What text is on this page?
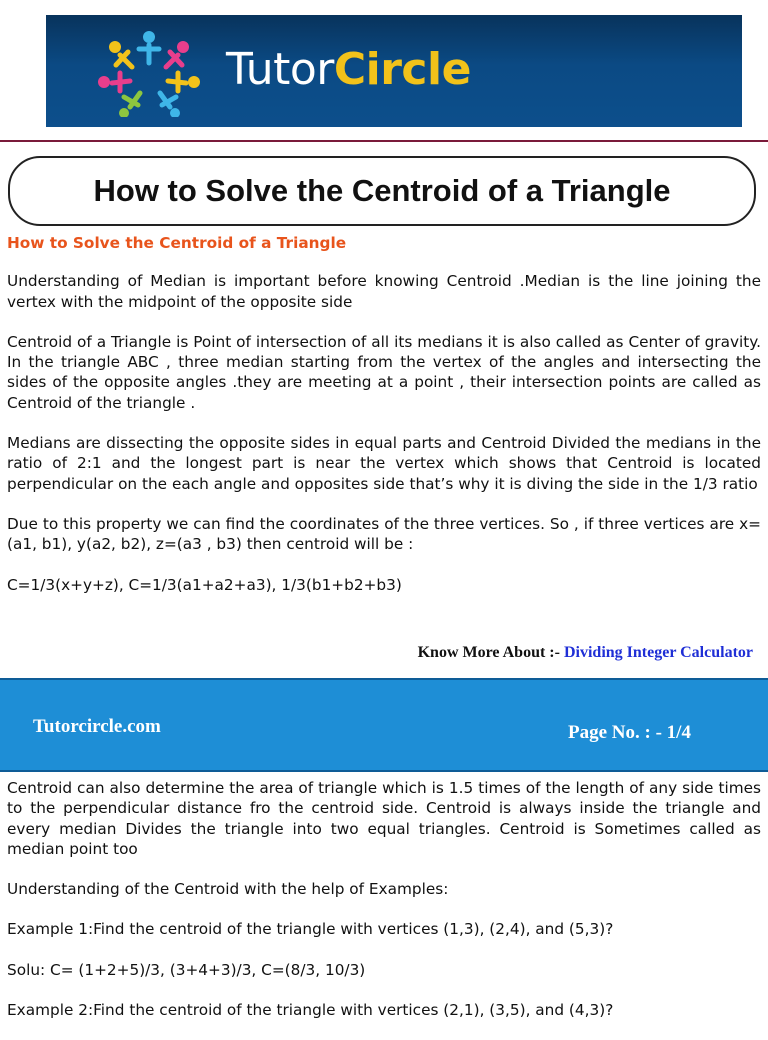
TutorCircle
How to Solve the Centroid of a Triangle

How to Solve the Centroid of a Triangle

Understanding of Median is important before knowing Centroid .Median is the line joining the vertex with the midpoint of the opposite side

Centroid of a Triangle is Point of intersection of all its medians it is also called as Center of gravity. In the triangle ABC , three median starting from the vertex of the angles and intersecting the sides of the opposite angles .they are meeting at a point , their intersection points are called as Centroid of the triangle .

Medians are dissecting the opposite sides in equal parts and Centroid Divided the medians in the ratio of 2:1 and the longest part is near the vertex which shows that Centroid is located perpendicular on the each angle and opposites side that’s why it is diving the side in the 1/3 ratio

Due to this property we can find the coordinates of the three vertices. So , if three vertices are x=(a1, b1), y(a2, b2), z=(a3 , b3) then centroid will be :

C=1/3(x+y+z), C=1/3(a1+a2+a3), 1/3(b1+b2+b3)

Know More About :- Dividing Integer Calculator
Tutorcircle.com	Page No. : - 1/4

Centroid can also determine the area of triangle which is 1.5 times of the length of any side times to the perpendicular distance fro the centroid side. Centroid is always inside the triangle and every median Divides the triangle into two equal triangles. Centroid is Sometimes called as median point too

Understanding of the Centroid with the help of Examples:

Example 1:Find the centroid of the triangle with vertices (1,3), (2,4), and (5,3)?

Solu: C= (1+2+5)/3, (3+4+3)/3, C=(8/3, 10/3)

Example 2:Find the centroid of the triangle with vertices (2,1), (3,5), and (4,3)?
